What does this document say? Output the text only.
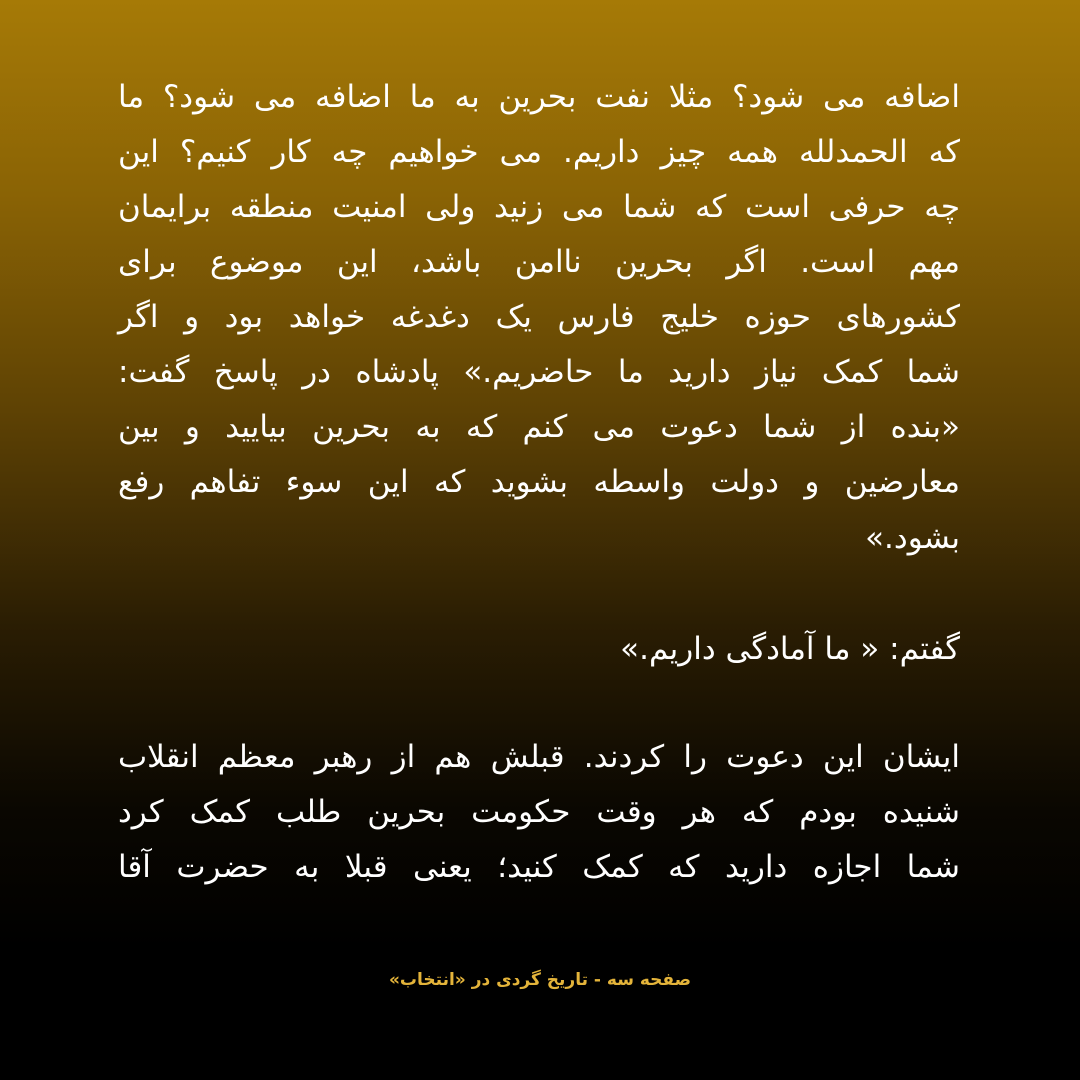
اضافه می شود؟ مثلا نفت بحرین به ما اضافه می شود؟ ما
که الحمدلله همه چیز داریم. می خواهیم چه کار کنیم؟ این
چه حرفی است که شما می زنید ولی امنیت منطقه برایمان
مهم است. اگر بحرین ناامن باشد، این موضوع برای
کشورهای حوزه خلیج فارس یک دغدغه خواهد بود و اگر
شما کمک نیاز دارید ما حاضریم.» پادشاه در پاسخ گفت:
«بنده از شما دعوت می کنم که به بحرین بیایید و بین
معارضین و دولت واسطه بشوید که این سوء تفاهم رفع
بشود.»
گفتم: « ما آمادگی داریم.»
ایشان این دعوت را کردند. قبلش هم از رهبر معظم انقلاب
شنیده بودم که هر وقت حکومت بحرین طلب کمک کرد
شما اجازه دارید که کمک کنید؛ یعنی قبلا به حضرت آقا
صفحه سه - تاریخ گردی در «انتخاب»
